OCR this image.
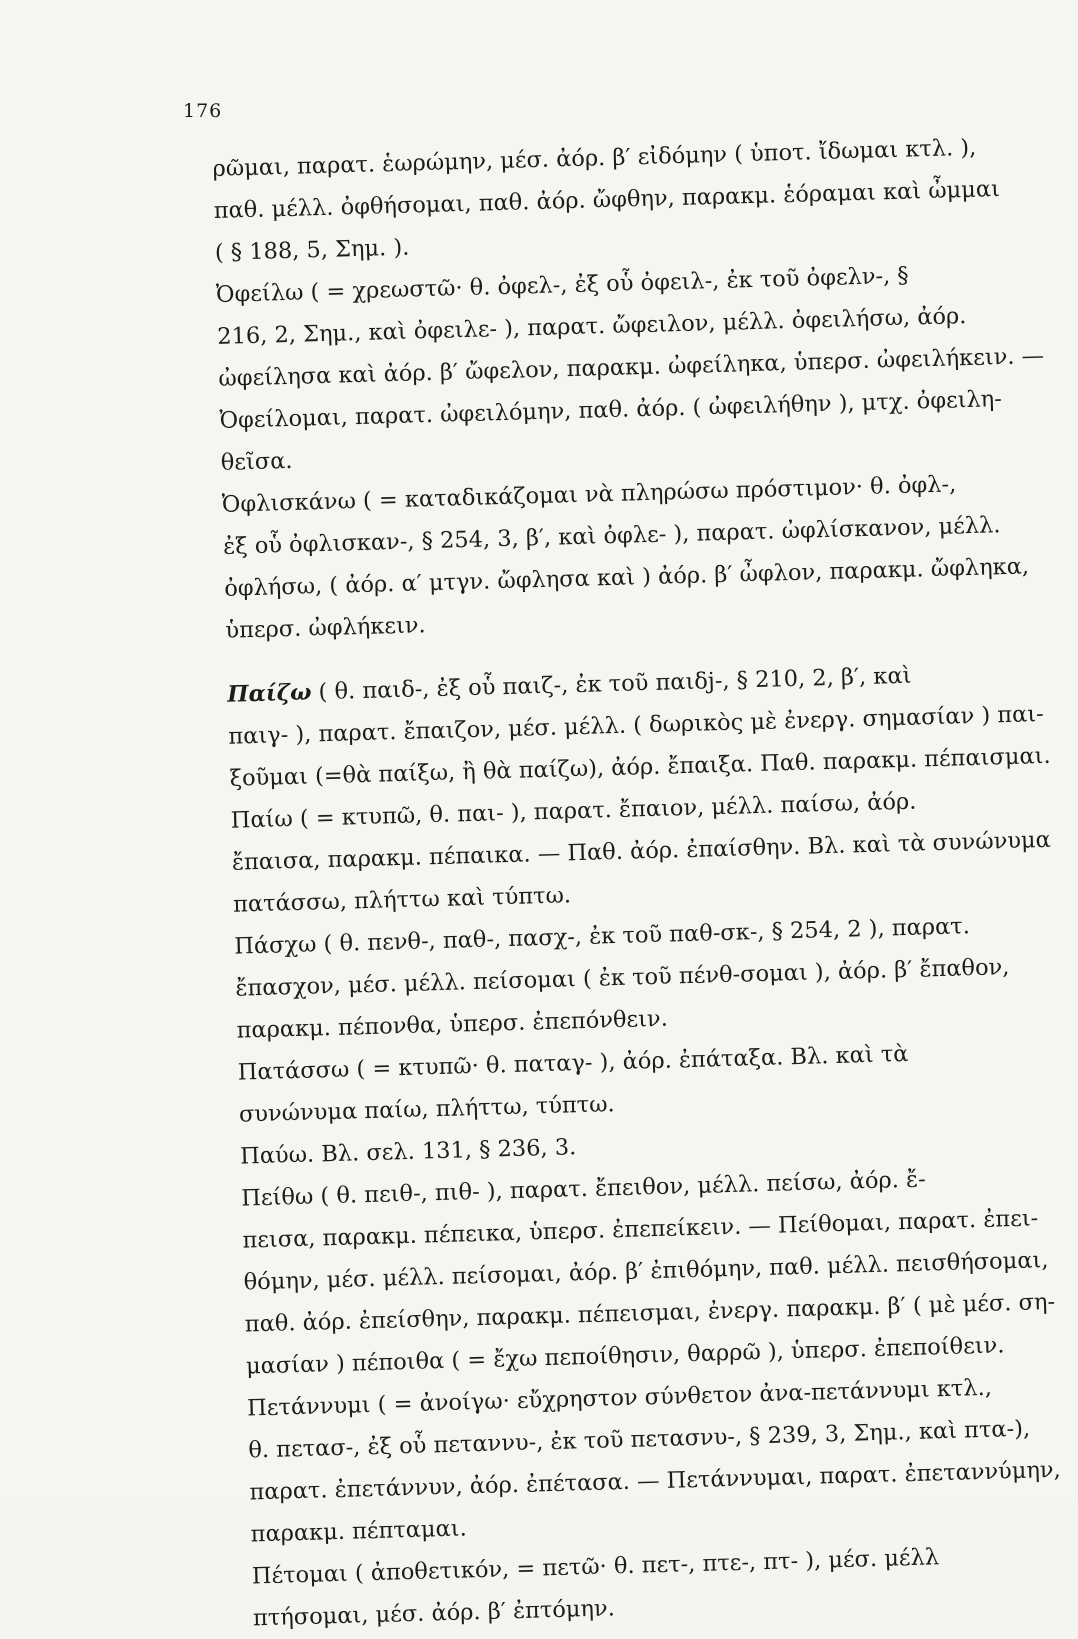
176
ρῶμαι, παρατ. ἑωρώμην, μέσ. ἀόρ. β′ εἰδόμην ( ὑποτ. ἴδωμαι κτλ. ),
παθ. μέλλ. ὀφθήσομαι, παθ. ἀόρ. ὤφθην, παρακμ. ἑόραμαι καὶ ὦμμαι
( § 188, 5, Σημ. ).
Ὀφείλω ( = χρεωστῶ· θ. ὀφελ-, ἐξ οὗ ὀφειλ-, ἐκ τοῦ ὀφελν-, §
216, 2, Σημ., καὶ ὀφειλε- ), παρατ. ὤφειλον, μέλλ. ὀφειλήσω, ἀόρ.
ὠφείλησα καὶ ἀόρ. β′ ὤφελον, παρακμ. ὠφείληκα, ὑπερσ. ὠφειλήκειν. —
Ὀφείλομαι, παρατ. ὠφειλόμην, παθ. ἀόρ. ( ὠφειλήθην ), μτχ. ὀφειλη-
θεῖσα.
Ὀφλισκάνω ( = καταδικάζομαι νὰ πληρώσω πρόστιμον· θ. ὀφλ-,
ἐξ οὗ ὀφλισκαν-, § 254, 3, β′, καὶ ὀφλε- ), παρατ. ὠφλίσκανον, μέλλ.
ὀφλήσω, ( ἀόρ. α′ μτγν. ὤφλησα καὶ ) ἀόρ. β′ ὦφλον, παρακμ. ὤφληκα,
ὑπερσ. ὠφλήκειν.
Παίζω ( θ. παιδ-, ἐξ οὗ παιζ-, ἐκ τοῦ παιδj-, § 210, 2, β′, καὶ
παιγ- ), παρατ. ἔπαιζον, μέσ. μέλλ. ( δωρικὸς μὲ ἐνεργ. σημασίαν ) παι-
ξοῦμαι (=θὰ παίξω, ἢ θὰ παίζω), ἀόρ. ἔπαιξα. Παθ. παρακμ. πέπαισμαι.
Παίω ( = κτυπῶ, θ. παι- ), παρατ. ἔπαιον, μέλλ. παίσω, ἀόρ.
ἔπαισα, παρακμ. πέπαικα. — Παθ. ἀόρ. ἐπαίσθην. Βλ. καὶ τὰ συνώνυμα
πατάσσω, πλήττω καὶ τύπτω.
Πάσχω ( θ. πενθ-, παθ-, πασχ-, ἐκ τοῦ παθ-σκ-, § 254, 2 ), παρατ.
ἔπασχον, μέσ. μέλλ. πείσομαι ( ἐκ τοῦ πένθ-σομαι ), ἀόρ. β′ ἔπαθον,
παρακμ. πέπονθα, ὑπερσ. ἐπεπόνθειν.
Πατάσσω ( = κτυπῶ· θ. παταγ- ), ἀόρ. ἐπάταξα. Βλ. καὶ τὰ
συνώνυμα παίω, πλήττω, τύπτω.
Παύω. Βλ. σελ. 131, § 236, 3.
Πείθω ( θ. πειθ-, πιθ- ), παρατ. ἔπειθον, μέλλ. πείσω, ἀόρ. ἔ-
πεισα, παρακμ. πέπεικα, ὑπερσ. ἐπεπείκειν. — Πείθομαι, παρατ. ἐπει-
θόμην, μέσ. μέλλ. πείσομαι, ἀόρ. β′ ἐπιθόμην, παθ. μέλλ. πεισθήσομαι,
παθ. ἀόρ. ἐπείσθην, παρακμ. πέπεισμαι, ἐνεργ. παρακμ. β′ ( μὲ μέσ. ση-
μασίαν ) πέποιθα ( = ἔχω πεποίθησιν, θαρρῶ ), ὑπερσ. ἐπεποίθειν.
Πετάννυμι ( = ἀνοίγω· εὔχρηστον σύνθετον ἀνα-πετάννυμι κτλ.,
θ. πετασ-, ἐξ οὗ πεταννυ-, ἐκ τοῦ πετασνυ-, § 239, 3, Σημ., καὶ πτα-),
παρατ. ἐπετάννυν, ἀόρ. ἐπέτασα. — Πετάννυμαι, παρατ. ἐπεταννύμην,
παρακμ. πέπταμαι.
Πέτομαι ( ἀποθετικόν, = πετῶ· θ. πετ-, πτε-, πτ- ), μέσ. μέλλ
πτήσομαι, μέσ. ἀόρ. β′ ἐπτόμην.
